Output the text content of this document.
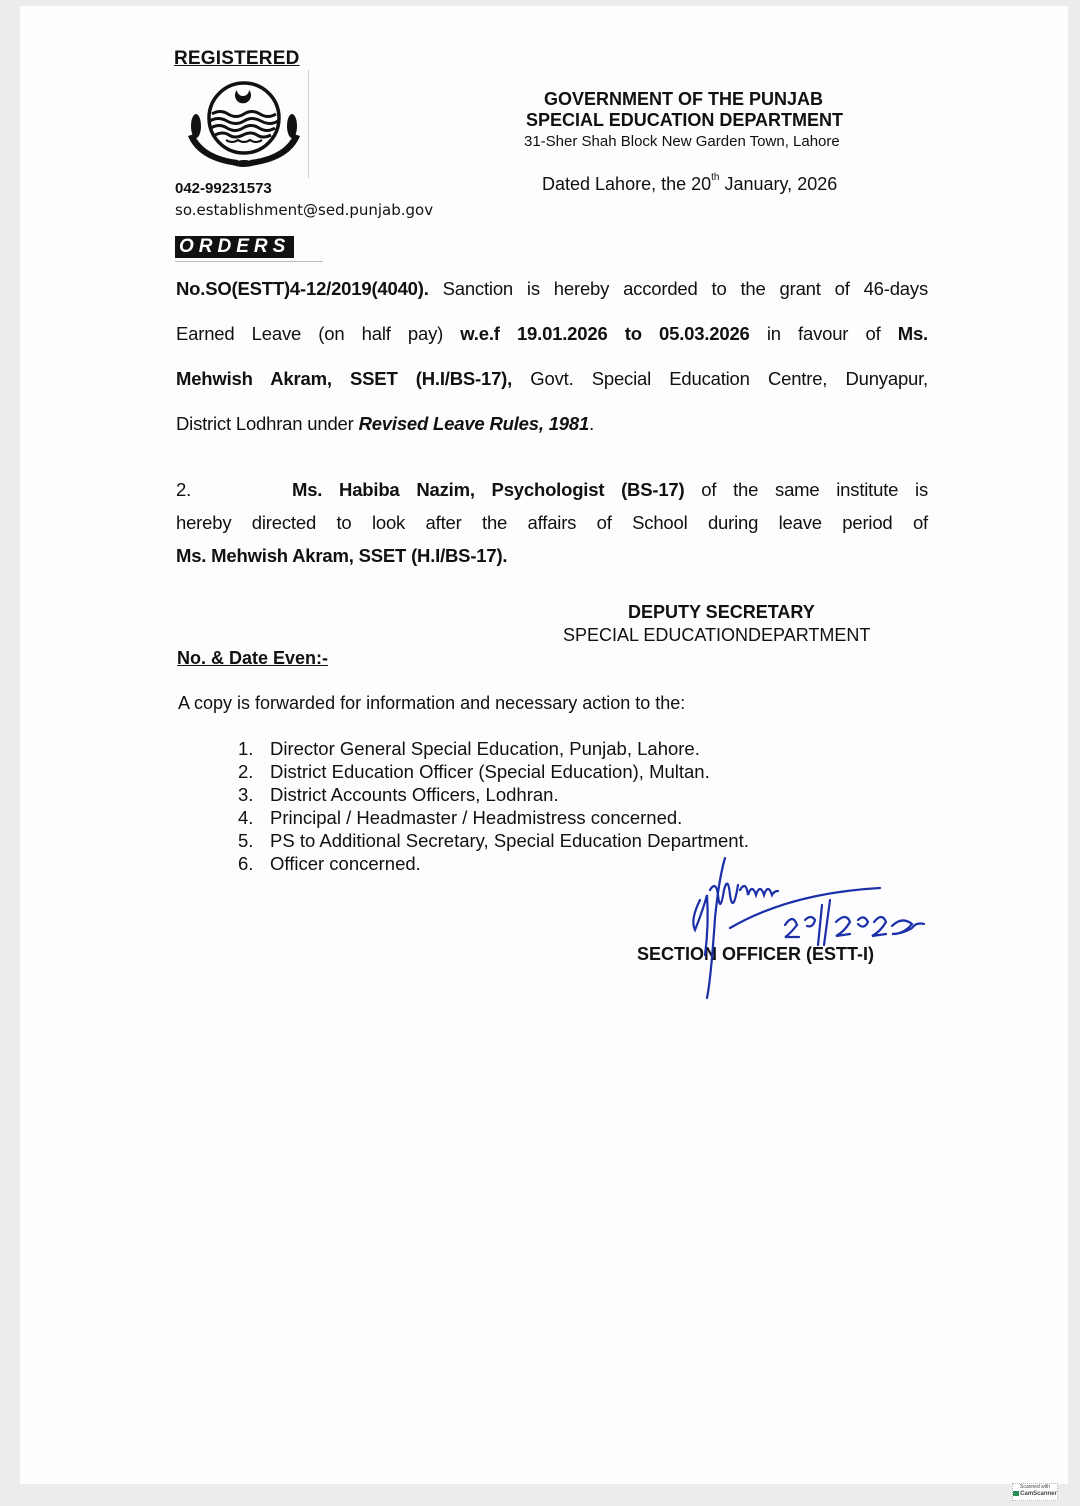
REGISTERED
042-99231573
so.establishment@sed.punjab.gov
GOVERNMENT OF THE PUNJAB
SPECIAL EDUCATION DEPARTMENT
31-Sher Shah Block New Garden Town, Lahore
Dated Lahore, the 20th January, 2026
ORDERS
No.SO(ESTT)4-12/2019(4040). Sanction is hereby accorded to the grant of 46-days
Earned Leave (on half pay) w.e.f 19.01.2026 to 05.03.2026 in favour of Ms.
Mehwish Akram, SSET (H.I/BS-17), Govt. Special Education Centre, Dunyapur,
District Lodhran under Revised Leave Rules, 1981.
2.	Ms. Habiba Nazim, Psychologist (BS-17) of the same institute is
hereby directed to look after the affairs of School during leave period of
Ms. Mehwish Akram, SSET (H.I/BS-17).
DEPUTY SECRETARY
SPECIAL EDUCATIONDEPARTMENT
No. & Date Even:-
A copy is forwarded for information and necessary action to the:
1. Director General Special Education, Punjab, Lahore.
2. District Education Officer (Special Education), Multan.
3. District Accounts Officers, Lodhran.
4. Principal / Headmaster / Headmistress concerned.
5. PS to Additional Secretary, Special Education Department.
6. Officer concerned.
SECTION OFFICER (ESTT-I)
Scanned with
CamScanner
